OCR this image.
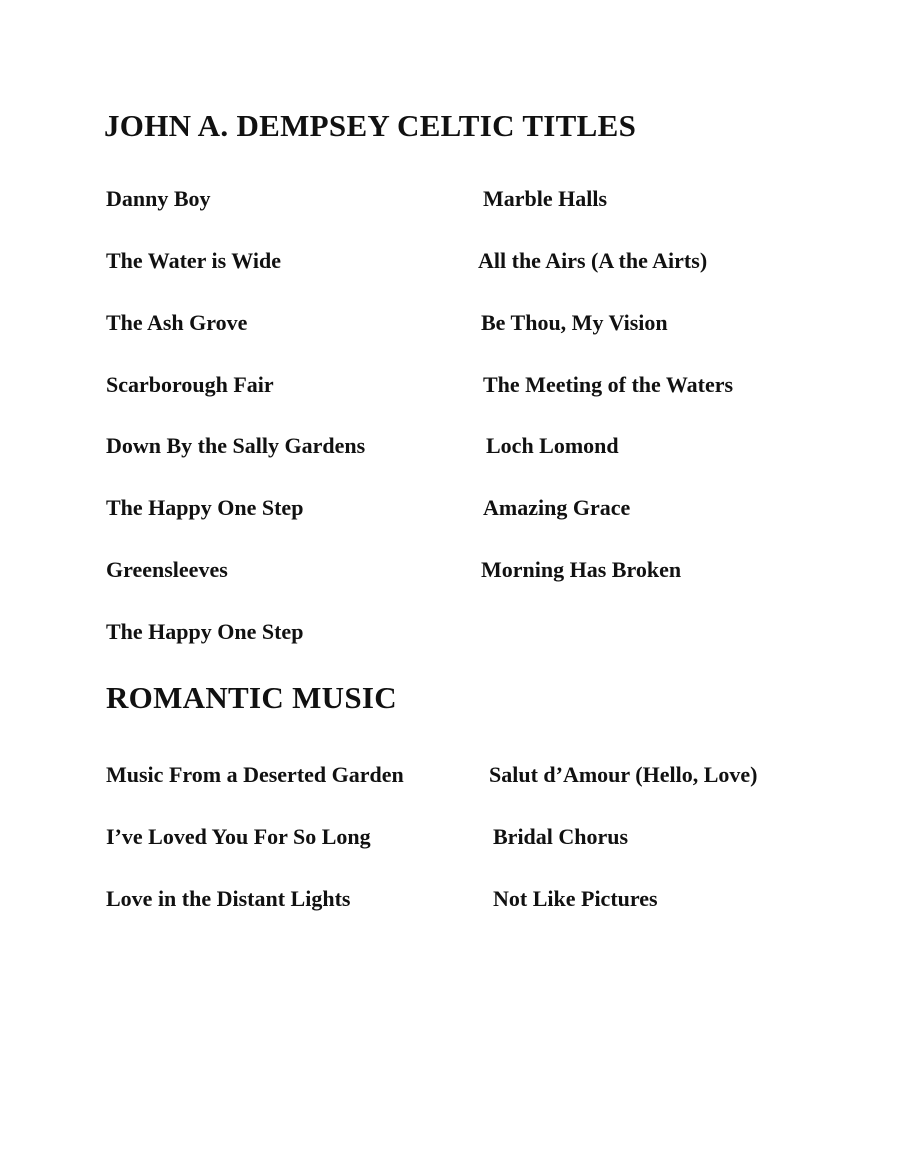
JOHN A. DEMPSEY CELTIC TITLES
Danny Boy
The Water is Wide
The Ash Grove
Scarborough Fair
Down By the Sally Gardens
The Happy One Step
Greensleeves
The Happy One Step
Marble Halls
All the Airs (A the Airts)
Be Thou, My Vision
The Meeting of the Waters
Loch Lomond
Amazing Grace
Morning Has Broken
ROMANTIC MUSIC
Music From a Deserted Garden
I’ve Loved You For So Long
Love in the Distant Lights
Salut d’Amour (Hello, Love)
Bridal Chorus
Not Like Pictures
